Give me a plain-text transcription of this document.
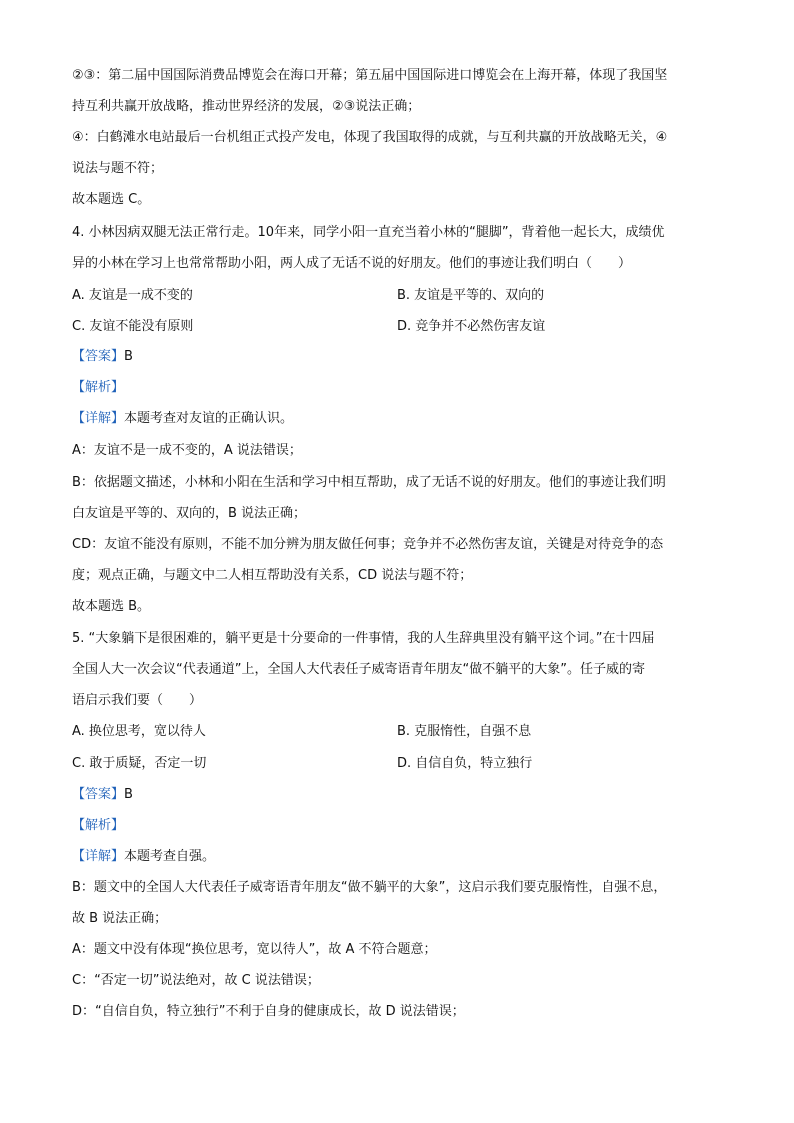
②③：第二届中国国际消费品博览会在海口开幕；第五届中国国际进口博览会在上海开幕，体现了我国坚
持互利共赢开放战略，推动世界经济的发展，②③说法正确；
④：白鹤滩水电站最后一台机组正式投产发电，体现了我国取得的成就，与互利共赢的开放战略无关，④
说法与题不符；
故本题选 C。
4. 小林因病双腿无法正常行走。10年来，同学小阳一直充当着小林的“腿脚”，背着他一起长大，成绩优
异的小林在学习上也常常帮助小阳，两人成了无话不说的好朋友。他们的事迹让我们明白（　　）
A. 友谊是一成不变的	B. 友谊是平等的、双向的
C. 友谊不能没有原则	D. 竞争并不必然伤害友谊
【答案】B
【解析】
【详解】本题考查对友谊的正确认识。
A：友谊不是一成不变的，A 说法错误；
B：依据题文描述，小林和小阳在生活和学习中相互帮助，成了无话不说的好朋友。他们的事迹让我们明
白友谊是平等的、双向的，B 说法正确；
CD：友谊不能没有原则，不能不加分辨为朋友做任何事；竞争并不必然伤害友谊，关键是对待竞争的态
度；观点正确，与题文中二人相互帮助没有关系，CD 说法与题不符；
故本题选 B。
5. “大象躺下是很困难的，躺平更是十分要命的一件事情，我的人生辞典里没有躺平这个词。”在十四届
全国人大一次会议“代表通道”上，全国人大代表任子威寄语青年朋友“做不躺平的大象”。任子威的寄
语启示我们要（　　）
A. 换位思考，宽以待人	B. 克服惰性，自强不息
C. 敢于质疑，否定一切	D. 自信自负，特立独行
【答案】B
【解析】
【详解】本题考查自强。
B：题文中的全国人大代表任子威寄语青年朋友“做不躺平的大象”，这启示我们要克服惰性，自强不息，
故 B 说法正确；
A：题文中没有体现“换位思考，宽以待人”，故 A 不符合题意；
C：“否定一切”说法绝对，故 C 说法错误；
D：“自信自负，特立独行”不利于自身的健康成长，故 D 说法错误；
